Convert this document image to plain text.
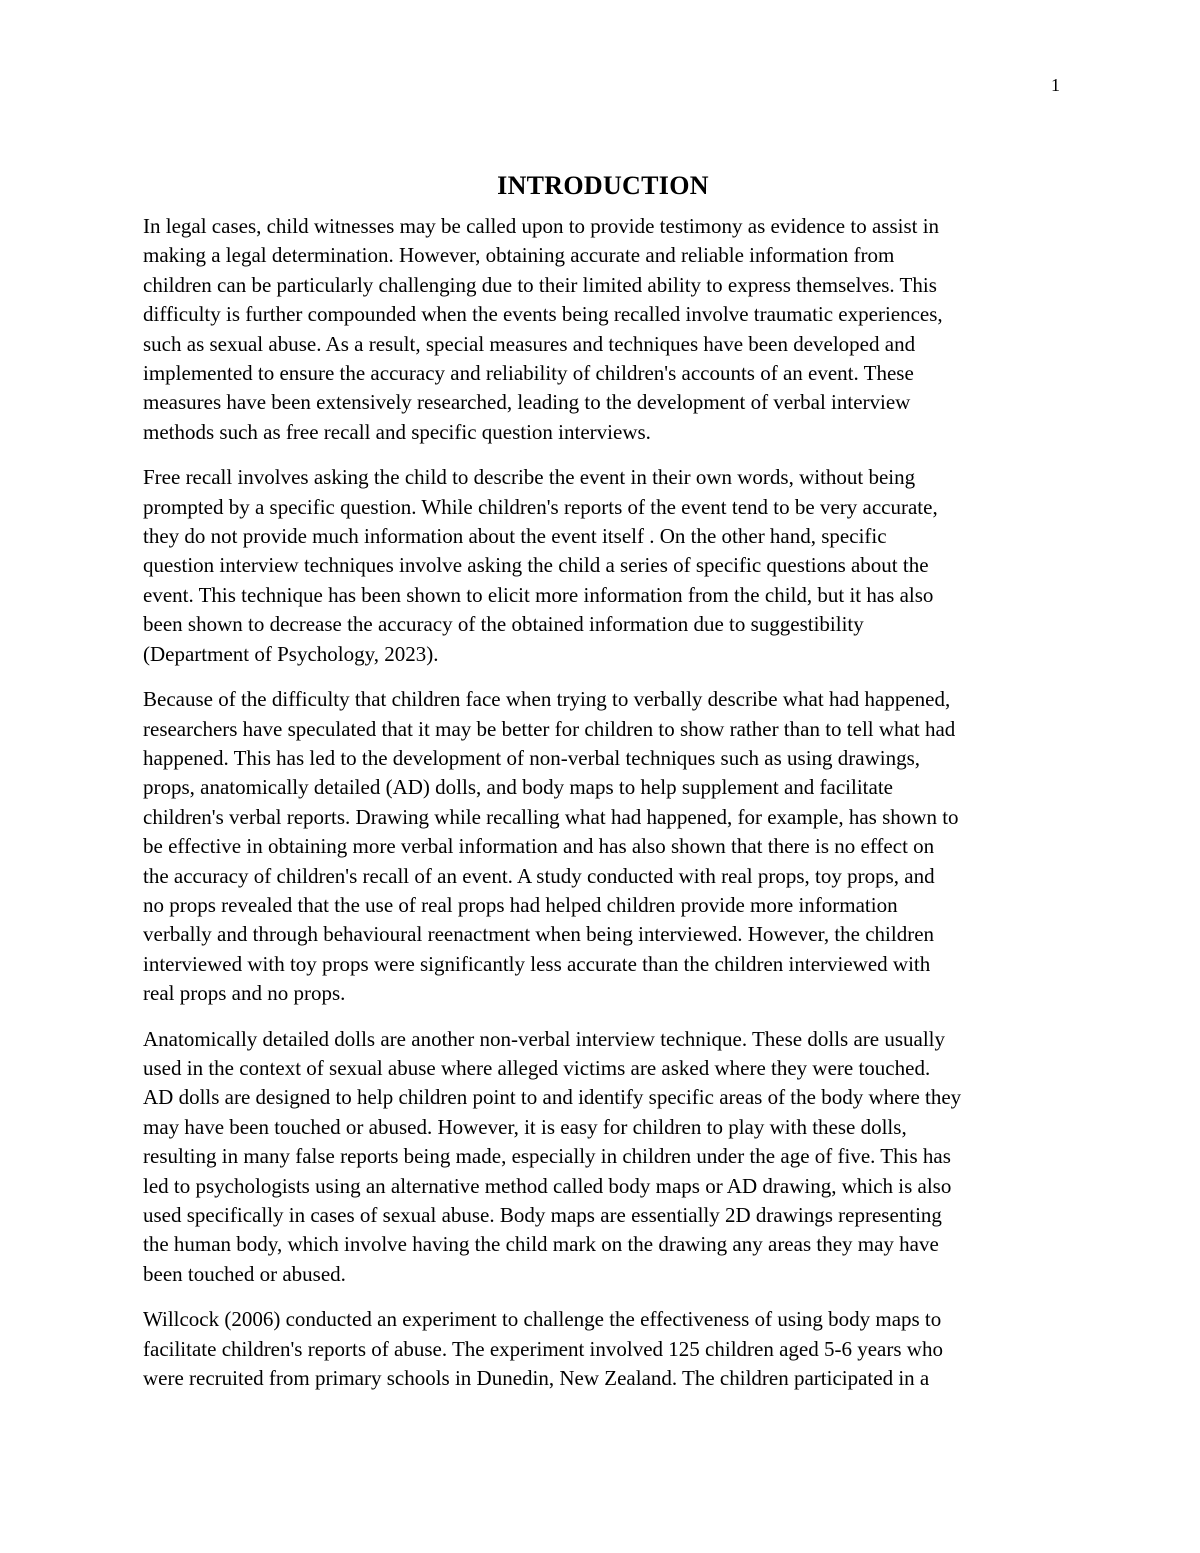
1
INTRODUCTION

In legal cases, child witnesses may be called upon to provide testimony as evidence to assist in
making a legal determination. However, obtaining accurate and reliable information from
children can be particularly challenging due to their limited ability to express themselves. This
difficulty is further compounded when the events being recalled involve traumatic experiences,
such as sexual abuse. As a result, special measures and techniques have been developed and
implemented to ensure the accuracy and reliability of children's accounts of an event. These
measures have been extensively researched, leading to the development of verbal interview
methods such as free recall and specific question interviews.

Free recall involves asking the child to describe the event in their own words, without being
prompted by a specific question. While children's reports of the event tend to be very accurate,
they do not provide much information about the event itself . On the other hand, specific
question interview techniques involve asking the child a series of specific questions about the
event. This technique has been shown to elicit more information from the child, but it has also
been shown to decrease the accuracy of the obtained information due to suggestibility
(Department of Psychology, 2023).

Because of the difficulty that children face when trying to verbally describe what had happened,
researchers have speculated that it may be better for children to show rather than to tell what had
happened. This has led to the development of non-verbal techniques such as using drawings,
props, anatomically detailed (AD) dolls, and body maps to help supplement and facilitate
children's verbal reports. Drawing while recalling what had happened, for example, has shown to
be effective in obtaining more verbal information and has also shown that there is no effect on
the accuracy of children's recall of an event. A study conducted with real props, toy props, and
no props revealed that the use of real props had helped children provide more information
verbally and through behavioural reenactment when being interviewed. However, the children
interviewed with toy props were significantly less accurate than the children interviewed with
real props and no props.

Anatomically detailed dolls are another non-verbal interview technique. These dolls are usually
used in the context of sexual abuse where alleged victims are asked where they were touched.
AD dolls are designed to help children point to and identify specific areas of the body where they
may have been touched or abused. However, it is easy for children to play with these dolls,
resulting in many false reports being made, especially in children under the age of five. This has
led to psychologists using an alternative method called body maps or AD drawing, which is also
used specifically in cases of sexual abuse. Body maps are essentially 2D drawings representing
the human body, which involve having the child mark on the drawing any areas they may have
been touched or abused.

Willcock (2006) conducted an experiment to challenge the effectiveness of using body maps to
facilitate children's reports of abuse. The experiment involved 125 children aged 5-6 years who
were recruited from primary schools in Dunedin, New Zealand. The children participated in a
